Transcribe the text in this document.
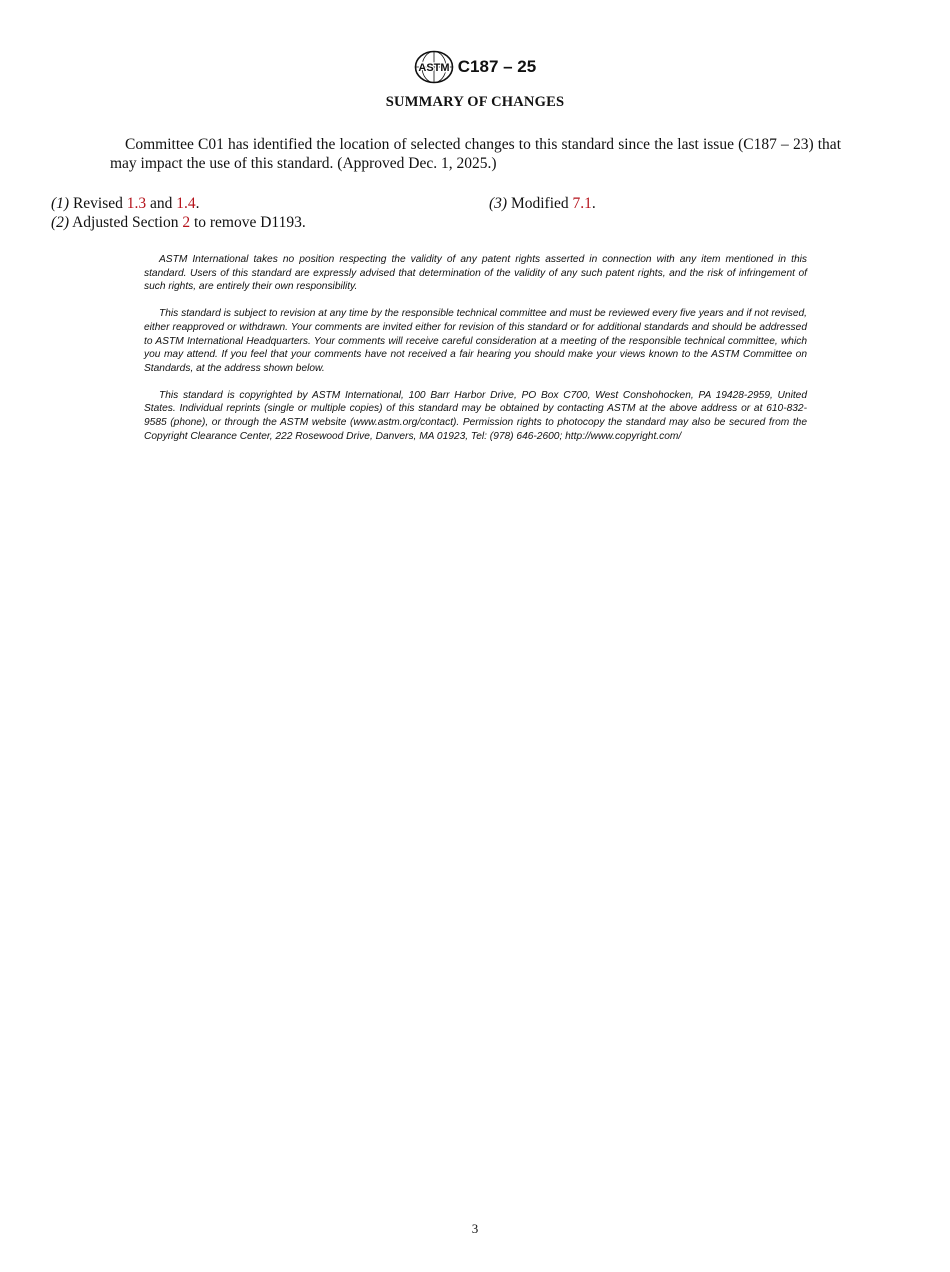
ASTM C187 – 25
SUMMARY OF CHANGES

Committee C01 has identified the location of selected changes to this standard since the last issue (C187 – 23) that may impact the use of this standard. (Approved Dec. 1, 2025.)

(1) Revised 1.3 and 1.4.
(2) Adjusted Section 2 to remove D1193.
(3) Modified 7.1.

ASTM International takes no position respecting the validity of any patent rights asserted in connection with any item mentioned in this standard. Users of this standard are expressly advised that determination of the validity of any such patent rights, and the risk of infringement of such rights, are entirely their own responsibility.

This standard is subject to revision at any time by the responsible technical committee and must be reviewed every five years and if not revised, either reapproved or withdrawn. Your comments are invited either for revision of this standard or for additional standards and should be addressed to ASTM International Headquarters. Your comments will receive careful consideration at a meeting of the responsible technical committee, which you may attend. If you feel that your comments have not received a fair hearing you should make your views known to the ASTM Committee on Standards, at the address shown below.

This standard is copyrighted by ASTM International, 100 Barr Harbor Drive, PO Box C700, West Conshohocken, PA 19428-2959, United States. Individual reprints (single or multiple copies) of this standard may be obtained by contacting ASTM at the above address or at 610-832-9585 (phone), or through the ASTM website (www.astm.org/contact). Permission rights to photocopy the standard may also be secured from the Copyright Clearance Center, 222 Rosewood Drive, Danvers, MA 01923, Tel: (978) 646-2600; http://www.copyright.com/

3
